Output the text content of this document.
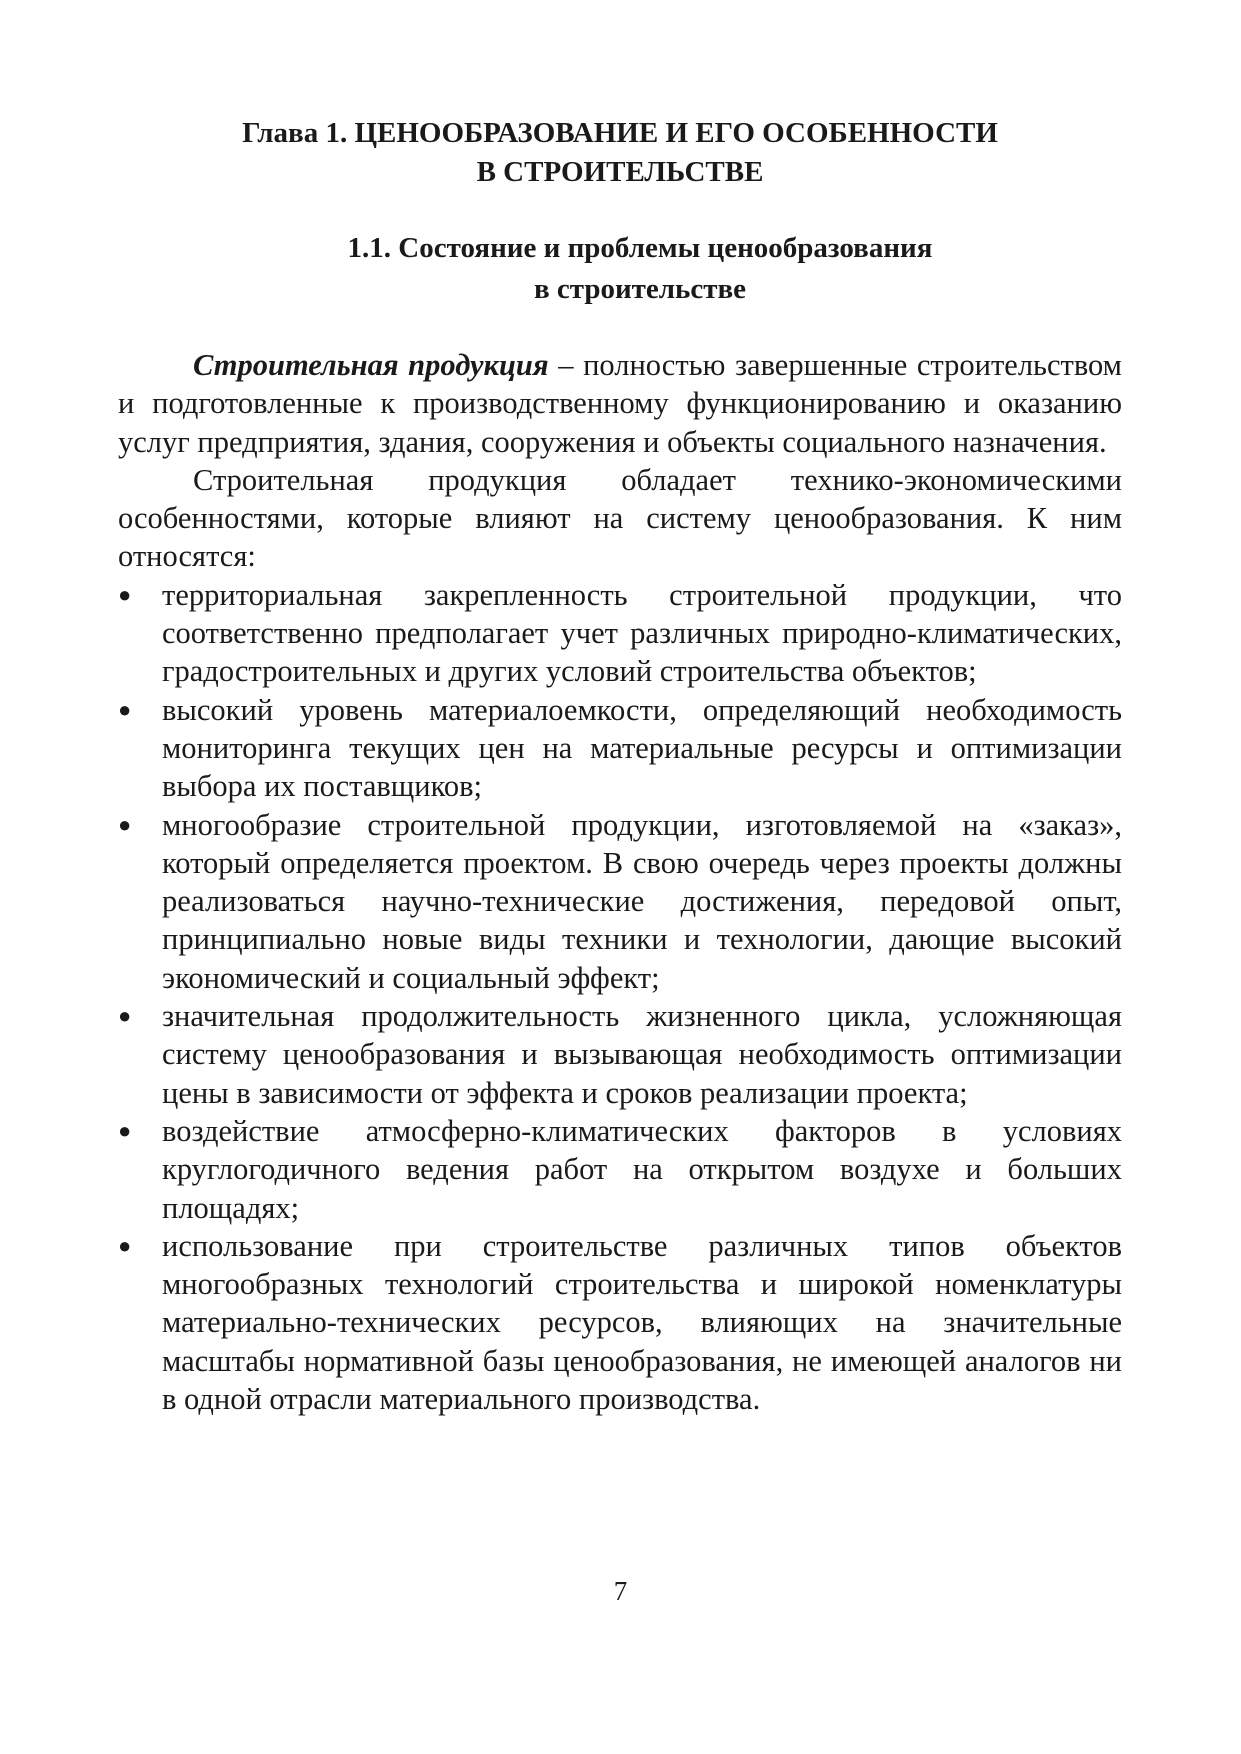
Глава 1. ЦЕНООБРАЗОВАНИЕ И ЕГО ОСОБЕННОСТИ
В СТРОИТЕЛЬСТВЕ
1.1. Состояние и проблемы ценообразования
в строительстве

Строительная продукция – полностью завершенные строительством и подготовленные к производственному функционированию и оказанию услуг предприятия, здания, сооружения и объекты социального назначения.

Строительная продукция обладает технико-экономическими особенностями, которые влияют на систему ценообразования. К ним относятся:

● территориальная закрепленность строительной продукции, что соответственно предполагает учет различных природно-климатических, градостроительных и других условий строительства объектов;
● высокий уровень материалоемкости, определяющий необходимость мониторинга текущих цен на материальные ресурсы и оптимизации выбора их поставщиков;
● многообразие строительной продукции, изготовляемой на «заказ», который определяется проектом. В свою очередь через проекты должны реализоваться научно-технические достижения, передовой опыт, принципиально новые виды техники и технологии, дающие высокий экономический и социальный эффект;
● значительная продолжительность жизненного цикла, усложняющая систему ценообразования и вызывающая необходимость оптимизации цены в зависимости от эффекта и сроков реализации проекта;
● воздействие атмосферно-климатических факторов в условиях круглогодичного ведения работ на открытом воздухе и больших площадях;
● использование при строительстве различных типов объектов многообразных технологий строительства и широкой номенклатуры материально-технических ресурсов, влияющих на значительные масштабы нормативной базы ценообразования, не имеющей аналогов ни в одной отрасли материального производства.
7
